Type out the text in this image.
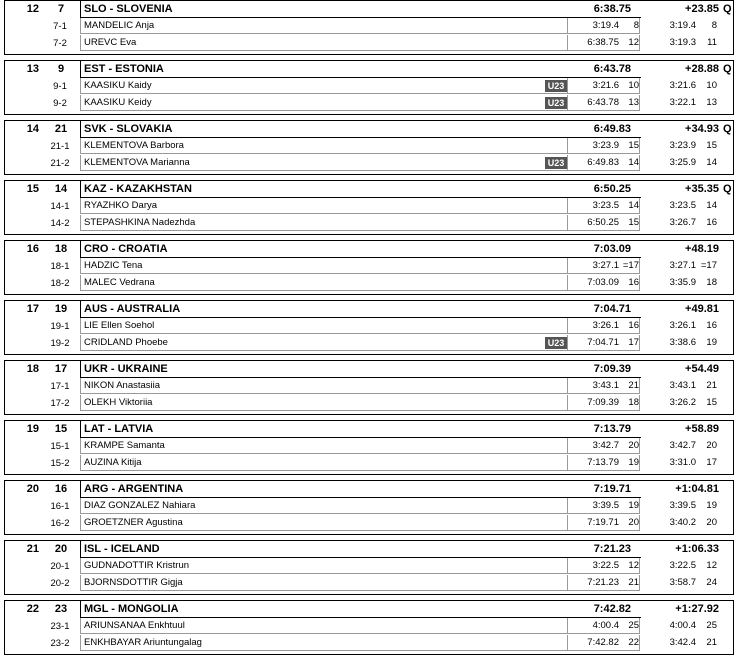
12	7	SLO - SLOVENIA	6:38.75	+23.85 Q
7-1	MANDELIC Anja	3:19.4	8	3:19.4	8
7-2	UREVC Eva	6:38.75 12	3:19.3	11
13	9	EST - ESTONIA	6:43.78	+28.88 Q
9-1	KAASIKU Kaidy	U23	3:21.6 10	3:21.6	10
9-2	KAASIKU Keidy	U23	6:43.78 13	3:22.1	13
14	21	SVK - SLOVAKIA	6:49.83	+34.93 Q
21-1	KLEMENTOVA Barbora	3:23.9 15	3:23.9	15
21-2	KLEMENTOVA Marianna	U23	6:49.83 14	3:25.9	14
15	14	KAZ - KAZAKHSTAN	6:50.25	+35.35 Q
14-1	RYAZHKO Darya	3:23.5 14	3:23.5	14
14-2	STEPASHKINA Nadezhda	6:50.25 15	3:26.7	16
16	18	CRO - CROATIA	7:03.09	+48.19
18-1	HADZIC Tena	3:27.1 =17	3:27.1 =17
18-2	MALEC Vedrana	7:03.09 16	3:35.9	18
17	19	AUS - AUSTRALIA	7:04.71	+49.81
19-1	LIE Ellen Soehol	3:26.1 16	3:26.1	16
19-2	CRIDLAND Phoebe	U23	7:04.71 17	3:38.6	19
18	17	UKR - UKRAINE	7:09.39	+54.49
17-1	NIKON Anastasiia	3:43.1 21	3:43.1	21
17-2	OLEKH Viktoriia	7:09.39 18	3:26.2	15
19	15	LAT - LATVIA	7:13.79	+58.89
15-1	KRAMPE Samanta	3:42.7 20	3:42.7	20
15-2	AUZINA Kitija	7:13.79 19	3:31.0	17
20	16	ARG - ARGENTINA	7:19.71	+1:04.81
16-1	DIAZ GONZALEZ Nahiara	3:39.5 19	3:39.5	19
16-2	GROETZNER Agustina	7:19.71 20	3:40.2	20
21	20	ISL - ICELAND	7:21.23	+1:06.33
20-1	GUDNADOTTIR Kristrun	3:22.5 12	3:22.5	12
20-2	BJORNSDOTTIR Gigja	7:21.23 21	3:58.7	24
22	23	MGL - MONGOLIA	7:42.82	+1:27.92
23-1	ARIUNSANAA Enkhtuul	4:00.4 25	4:00.4	25
23-2	ENKHBAYAR Ariuntungalag	7:42.82 22	3:42.4	21
